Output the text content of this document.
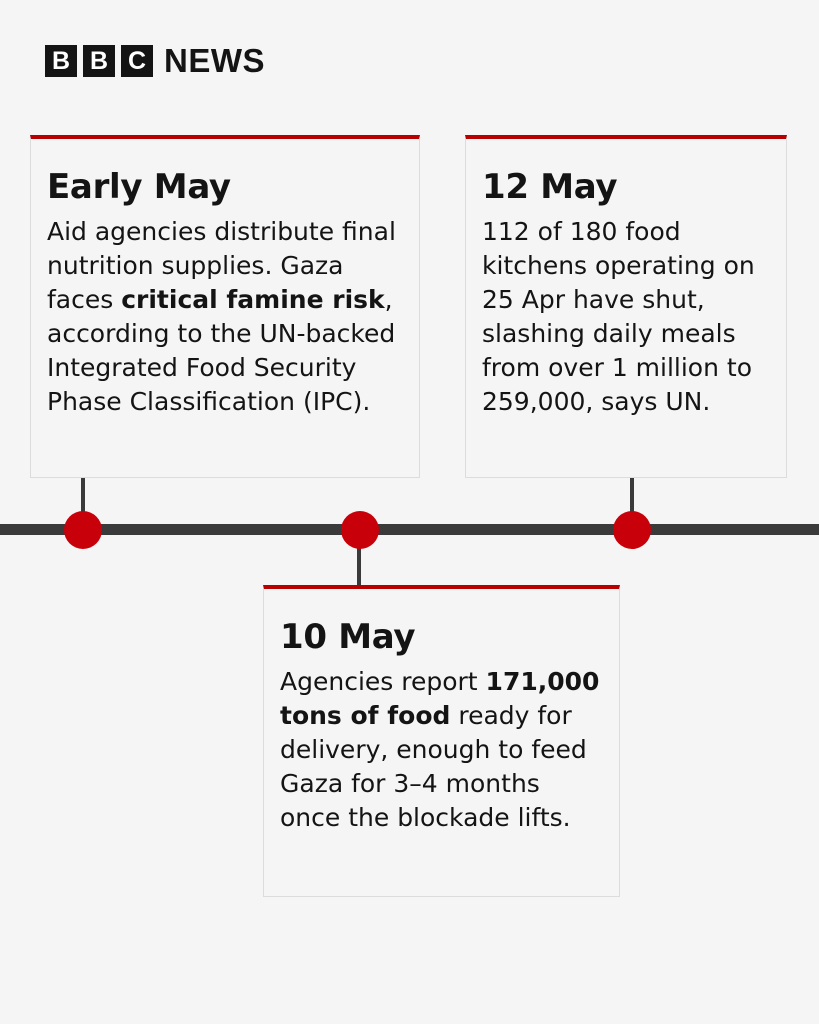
B B C NEWS
Early May

Aid agencies distribute final nutrition supplies. Gaza faces critical famine risk, according to the UN-backed Integrated Food Security Phase Classification (IPC).

12 May

112 of 180 food kitchens operating on 25 Apr have shut, slashing daily meals from over 1 million to 259,000, says UN.

10 May

Agencies report 171,000 tons of food ready for delivery, enough to feed Gaza for 3–4 months once the blockade lifts.
